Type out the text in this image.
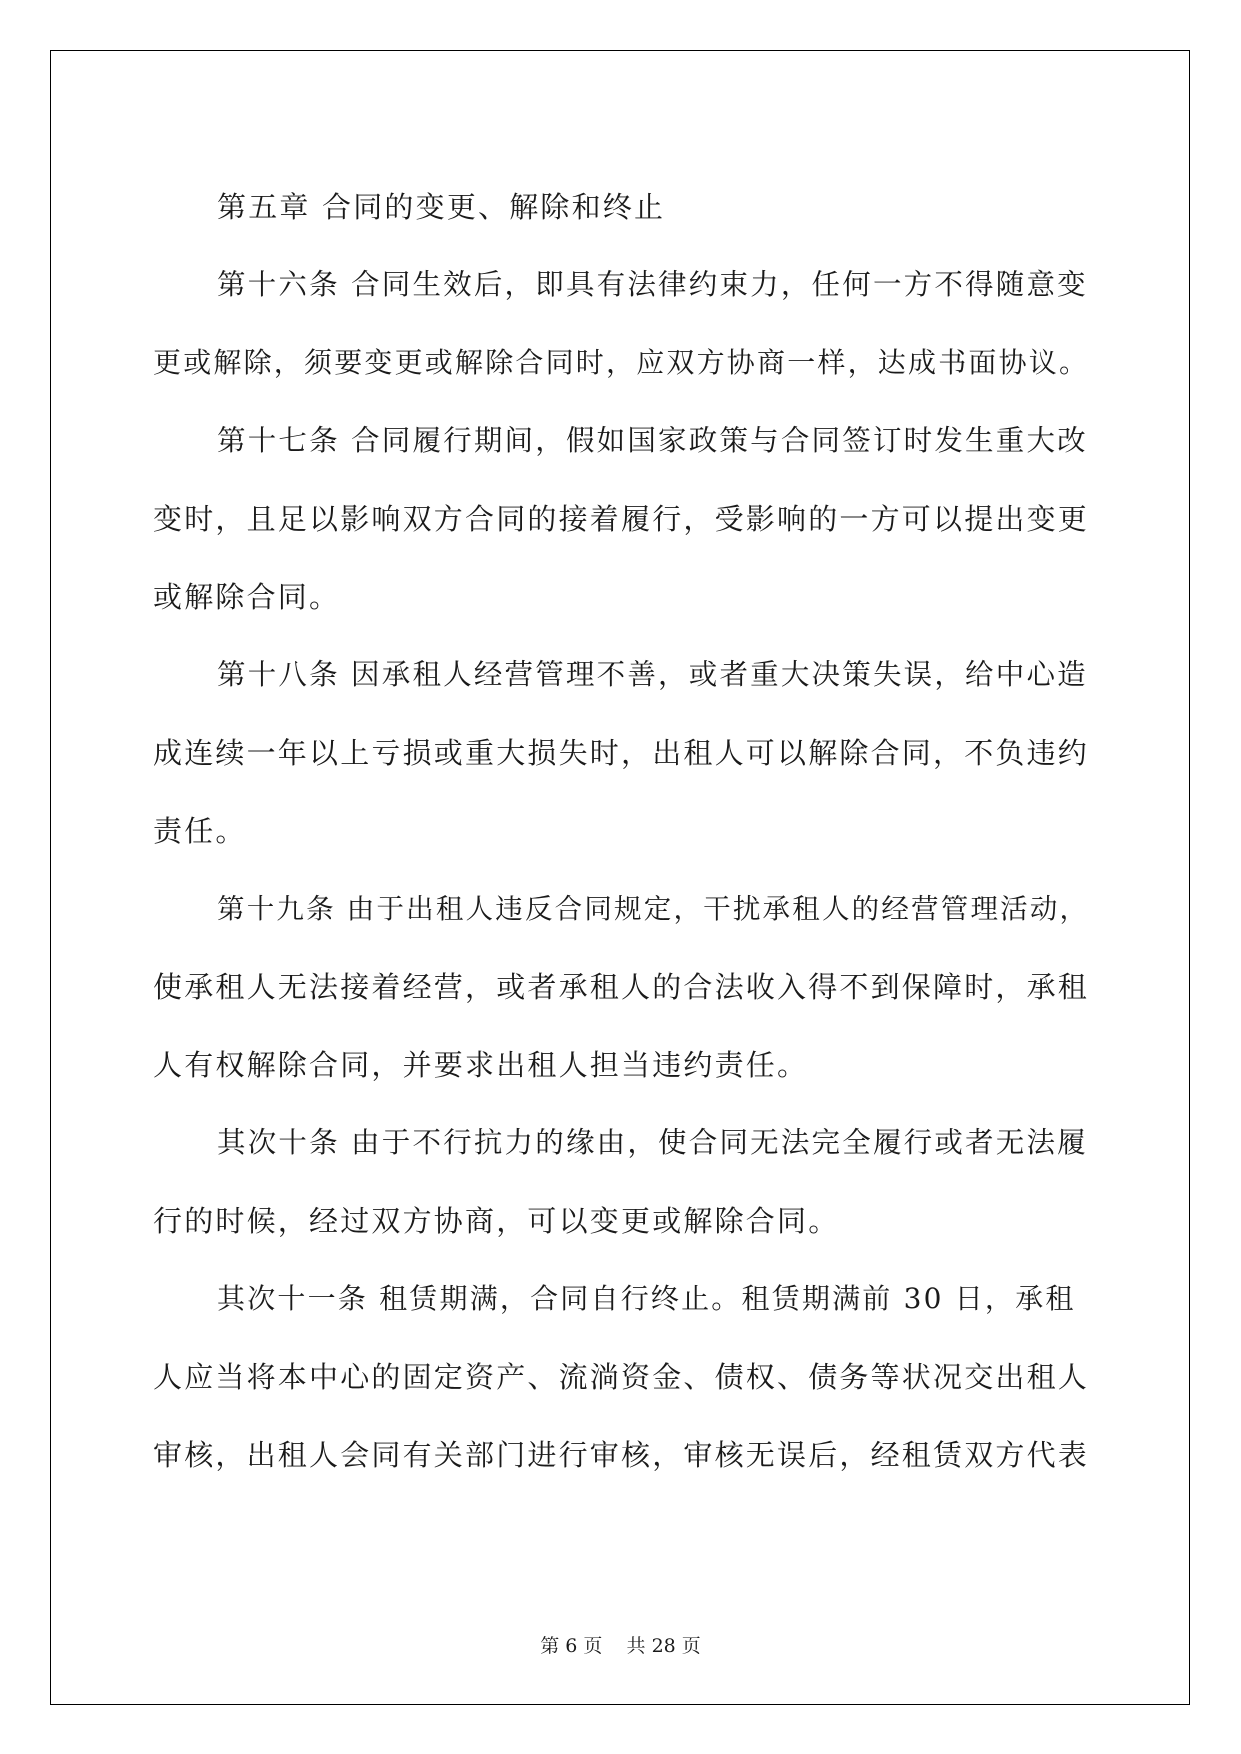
第五章 合同的变更、解除和终止

第十六条 合同生效后，即具有法律约束力，任何一方不得随意变
更或解除，须要变更或解除合同时，应双方协商一样，达成书面协议。

第十七条 合同履行期间，假如国家政策与合同签订时发生重大改
变时，且足以影响双方合同的接着履行，受影响的一方可以提出变更
或解除合同。

第十八条 因承租人经营管理不善，或者重大决策失误，给中心造
成连续一年以上亏损或重大损失时，出租人可以解除合同，不负违约
责任。

第十九条 由于出租人违反合同规定，干扰承租人的经营管理活动，
使承租人无法接着经营，或者承租人的合法收入得不到保障时，承租
人有权解除合同，并要求出租人担当违约责任。

其次十条 由于不行抗力的缘由，使合同无法完全履行或者无法履
行的时候，经过双方协商，可以变更或解除合同。

其次十一条 租赁期满，合同自行终止。租赁期满前 30 日，承租
人应当将本中心的固定资产、流淌资金、债权、债务等状况交出租人
审核，出租人会同有关部门进行审核，审核无误后，经租赁双方代表

第 6 页    共 28 页
